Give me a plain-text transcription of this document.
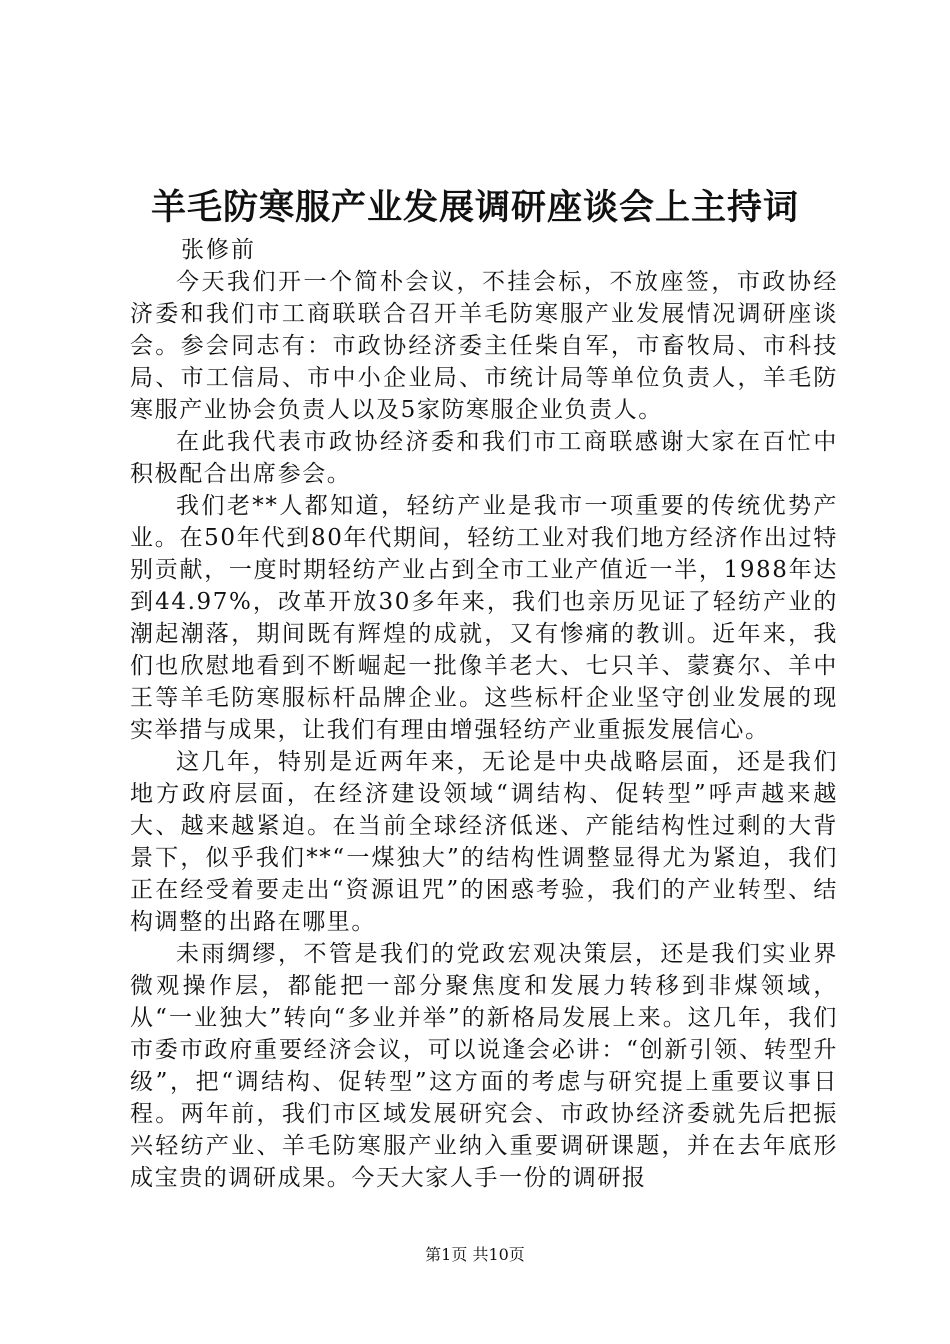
羊毛防寒服产业发展调研座谈会上主持词
张修前

今天我们开一个简朴会议，不挂会标，不放座签，市政协经济委和我们市工商联联合召开羊毛防寒服产业发展情况调研座谈会。参会同志有：市政协经济委主任柴自军，市畜牧局、市科技局、市工信局、市中小企业局、市统计局等单位负责人，羊毛防寒服产业协会负责人以及5家防寒服企业负责人。

在此我代表市政协经济委和我们市工商联感谢大家在百忙中积极配合出席参会。

我们老**人都知道，轻纺产业是我市一项重要的传统优势产业。在50年代到80年代期间，轻纺工业对我们地方经济作出过特别贡献，一度时期轻纺产业占到全市工业产值近一半，1988年达到44.97%，改革开放30多年来，我们也亲历见证了轻纺产业的潮起潮落，期间既有辉煌的成就，又有惨痛的教训。近年来，我们也欣慰地看到不断崛起一批像羊老大、七只羊、蒙赛尔、羊中王等羊毛防寒服标杆品牌企业。这些标杆企业坚守创业发展的现实举措与成果，让我们有理由增强轻纺产业重振发展信心。

这几年，特别是近两年来，无论是中央战略层面，还是我们地方政府层面，在经济建设领域“调结构、促转型”呼声越来越大、越来越紧迫。在当前全球经济低迷、产能结构性过剩的大背景下，似乎我们**“一煤独大”的结构性调整显得尤为紧迫，我们正在经受着要走出“资源诅咒”的困惑考验，我们的产业转型、结构调整的出路在哪里。

未雨绸缪，不管是我们的党政宏观决策层，还是我们实业界微观操作层，都能把一部分聚焦度和发展力转移到非煤领域，从“一业独大”转向“多业并举”的新格局发展上来。这几年，我们市委市政府重要经济会议，可以说逢会必讲：“创新引领、转型升级”，把“调结构、促转型”这方面的考虑与研究提上重要议事日程。两年前，我们市区域发展研究会、市政协经济委就先后把振兴轻纺产业、羊毛防寒服产业纳入重要调研课题，并在去年底形成宝贵的调研成果。今天大家人手一份的调研报

第1页 共10页
